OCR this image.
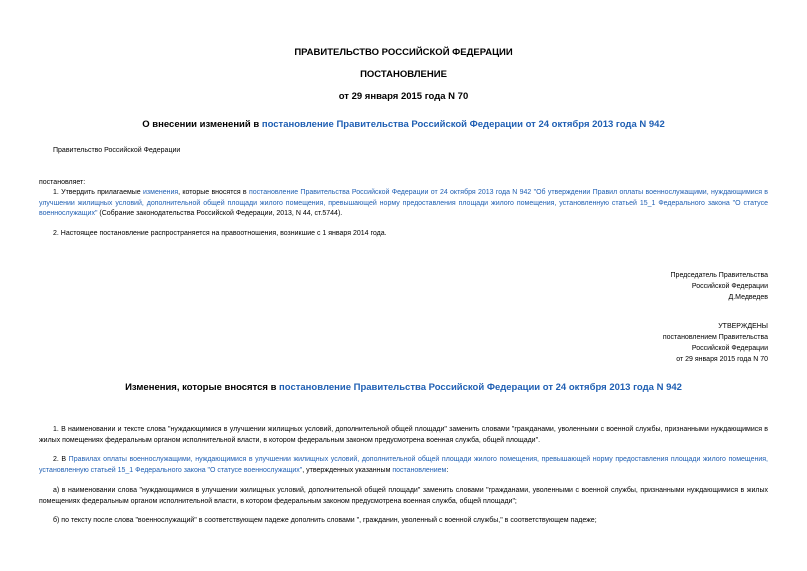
ПРАВИТЕЛЬСТВО РОССИЙСКОЙ ФЕДЕРАЦИИ
ПОСТАНОВЛЕНИЕ
от 29 января 2015 года N 70
О внесении изменений в постановление Правительства Российской Федерации от 24 октября 2013 года N 942
Правительство Российской Федерации
постановляет:
1. Утвердить прилагаемые изменения, которые вносятся в постановление Правительства Российской Федерации от 24 октября 2013 года N 942 "Об утверждении Правил оплаты военнослужащими, нуждающимися в улучшении жилищных условий, дополнительной общей площади жилого помещения, превышающей норму предоставления площади жилого помещения, установленную статьей 15_1 Федерального закона "О статусе военнослужащих" (Собрание законодательства Российской Федерации, 2013, N 44, ст.5744).
2. Настоящее постановление распространяется на правоотношения, возникшие с 1 января 2014 года.
Председатель Правительства
Российской Федерации
Д.Медведев
УТВЕРЖДЕНЫ
постановлением Правительства
Российской Федерации
от 29 января 2015 года N 70
Изменения, которые вносятся в постановление Правительства Российской Федерации от 24 октября 2013 года N 942
1. В наименовании и тексте слова "нуждающимися в улучшении жилищных условий, дополнительной общей площади" заменить словами "гражданами, уволенными с военной службы, признанными нуждающимися в жилых помещениях федеральным органом исполнительной власти, в котором федеральным законом предусмотрена военная служба, общей площади".
2. В Правилах оплаты военнослужащими, нуждающимися в улучшении жилищных условий, дополнительной общей площади жилого помещения, превышающей норму предоставления площади жилого помещения, установленную статьей 15_1 Федерального закона "О статусе военнослужащих", утвержденных указанным постановлением:
а) в наименовании слова "нуждающимися в улучшении жилищных условий, дополнительной общей площади" заменить словами "гражданами, уволенными с военной службы, признанными нуждающимися в жилых помещениях федеральным органом исполнительной власти, в котором федеральным законом предусмотрена военная служба, общей площади";
б) по тексту после слова "военнослужащий" в соответствующем падеже дополнить словами ", гражданин, уволенный с военной службы," в соответствующем падеже;
